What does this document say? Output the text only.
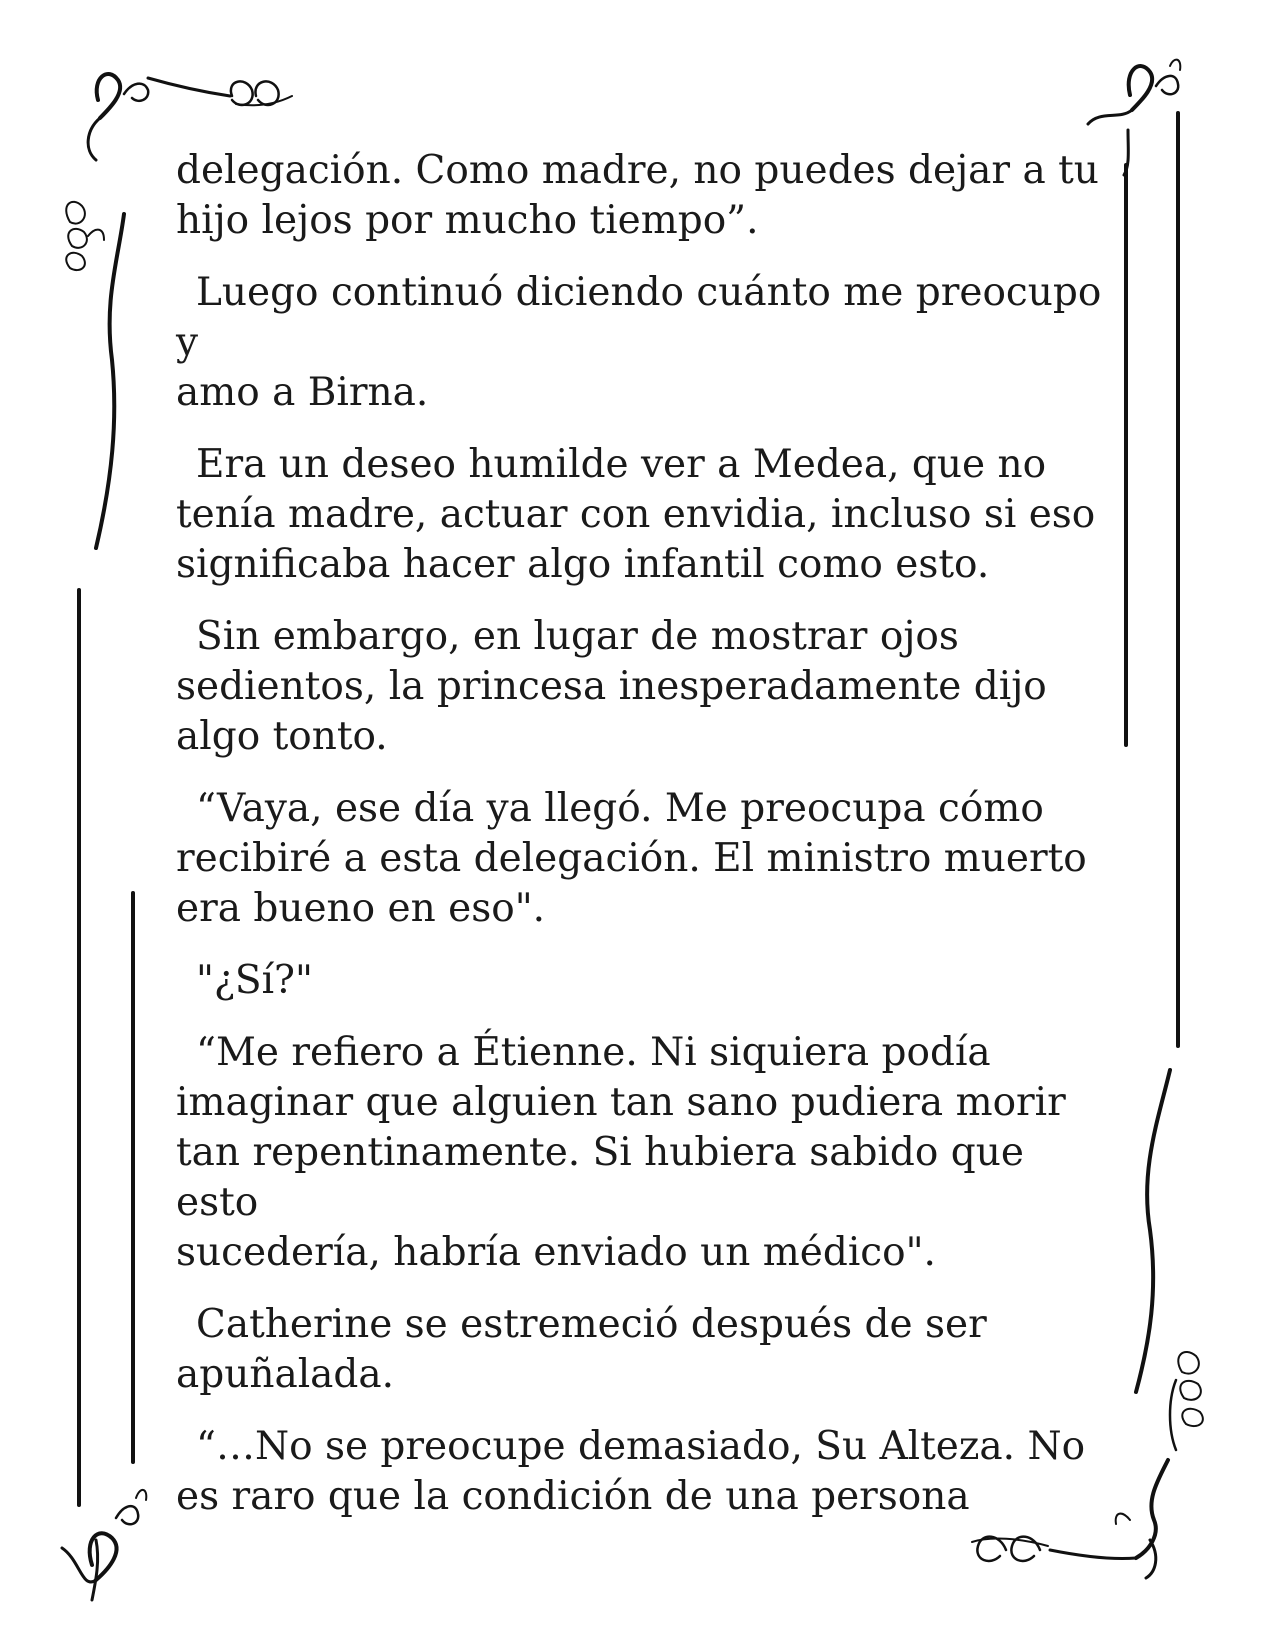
delegación. Como madre, no puedes dejar a tu
hijo lejos por mucho tiempo”.

Luego continuó diciendo cuánto me preocupo y
amo a Birna.

Era un deseo humilde ver a Medea, que no
tenía madre, actuar con envidia, incluso si eso
significaba hacer algo infantil como esto.

Sin embargo, en lugar de mostrar ojos
sedientos, la princesa inesperadamente dijo
algo tonto.

“Vaya, ese día ya llegó. Me preocupa cómo
recibiré a esta delegación. El ministro muerto
era bueno en eso".

"¿Sí?"

“Me refiero a Étienne. Ni siquiera podía
imaginar que alguien tan sano pudiera morir
tan repentinamente. Si hubiera sabido que esto
sucedería, habría enviado un médico".

Catherine se estremeció después de ser
apuñalada.

“…No se preocupe demasiado, Su Alteza. No
es raro que la condición de una persona
